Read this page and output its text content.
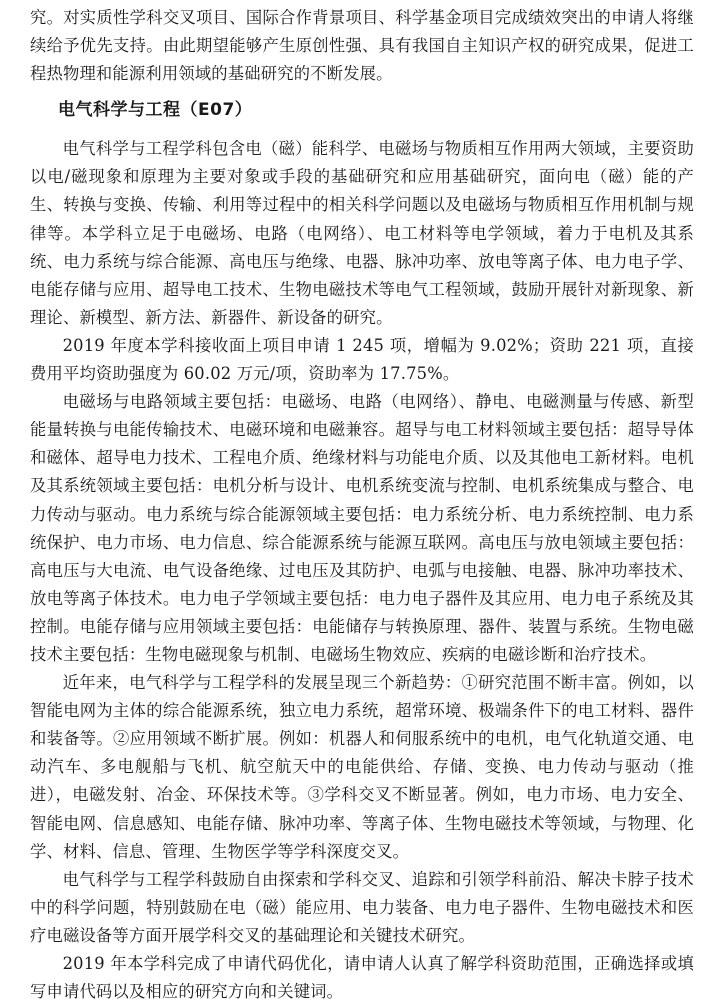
究。对实质性学科交叉项目、国际合作背景项目、科学基金项目完成绩效突出的申请人将继续给予优先支持。由此期望能够产生原创性强、具有我国自主知识产权的研究成果，促进工程热物理和能源利用领域的基础研究的不断发展。

电气科学与工程（E07）

电气科学与工程学科包含电（磁）能科学、电磁场与物质相互作用两大领域，主要资助以电/磁现象和原理为主要对象或手段的基础研究和应用基础研究，面向电（磁）能的产生、转换与变换、传输、利用等过程中的相关科学问题以及电磁场与物质相互作用机制与规律等。本学科立足于电磁场、电路（电网络）、电工材料等电学领域，着力于电机及其系统、电力系统与综合能源、高电压与绝缘、电器、脉冲功率、放电等离子体、电力电子学、电能存储与应用、超导电工技术、生物电磁技术等电气工程领域，鼓励开展针对新现象、新理论、新模型、新方法、新器件、新设备的研究。

2019 年度本学科接收面上项目申请 1 245 项，增幅为 9.02%；资助 221 项，直接费用平均资助强度为 60.02 万元/项，资助率为 17.75%。

电磁场与电路领域主要包括：电磁场、电路（电网络）、静电、电磁测量与传感、新型能量转换与电能传输技术、电磁环境和电磁兼容。超导与电工材料领域主要包括：超导导体和磁体、超导电力技术、工程电介质、绝缘材料与功能电介质、以及其他电工新材料。电机及其系统领域主要包括：电机分析与设计、电机系统变流与控制、电机系统集成与整合、电力传动与驱动。电力系统与综合能源领域主要包括：电力系统分析、电力系统控制、电力系统保护、电力市场、电力信息、综合能源系统与能源互联网。高电压与放电领域主要包括：高电压与大电流、电气设备绝缘、过电压及其防护、电弧与电接触、电器、脉冲功率技术、放电等离子体技术。电力电子学领域主要包括：电力电子器件及其应用、电力电子系统及其控制。电能存储与应用领域主要包括：电能储存与转换原理、器件、装置与系统。生物电磁技术主要包括：生物电磁现象与机制、电磁场生物效应、疾病的电磁诊断和治疗技术。

近年来，电气科学与工程学科的发展呈现三个新趋势：①研究范围不断丰富。例如，以智能电网为主体的综合能源系统，独立电力系统，超常环境、极端条件下的电工材料、器件和装备等。②应用领域不断扩展。例如：机器人和伺服系统中的电机，电气化轨道交通、电动汽车、多电舰船与飞机、航空航天中的电能供给、存储、变换、电力传动与驱动（推进），电磁发射、冶金、环保技术等。③学科交叉不断显著。例如，电力市场、电力安全、智能电网、信息感知、电能存储、脉冲功率、等离子体、生物电磁技术等领域，与物理、化学、材料、信息、管理、生物医学等学科深度交叉。

电气科学与工程学科鼓励自由探索和学科交叉、追踪和引领学科前沿、解决卡脖子技术中的科学问题，特别鼓励在电（磁）能应用、电力装备、电力电子器件、生物电磁技术和医疗电磁设备等方面开展学科交叉的基础理论和关键技术研究。

2019 年本学科完成了申请代码优化，请申请人认真了解学科资助范围，正确选择或填写申请代码以及相应的研究方向和关键词。
